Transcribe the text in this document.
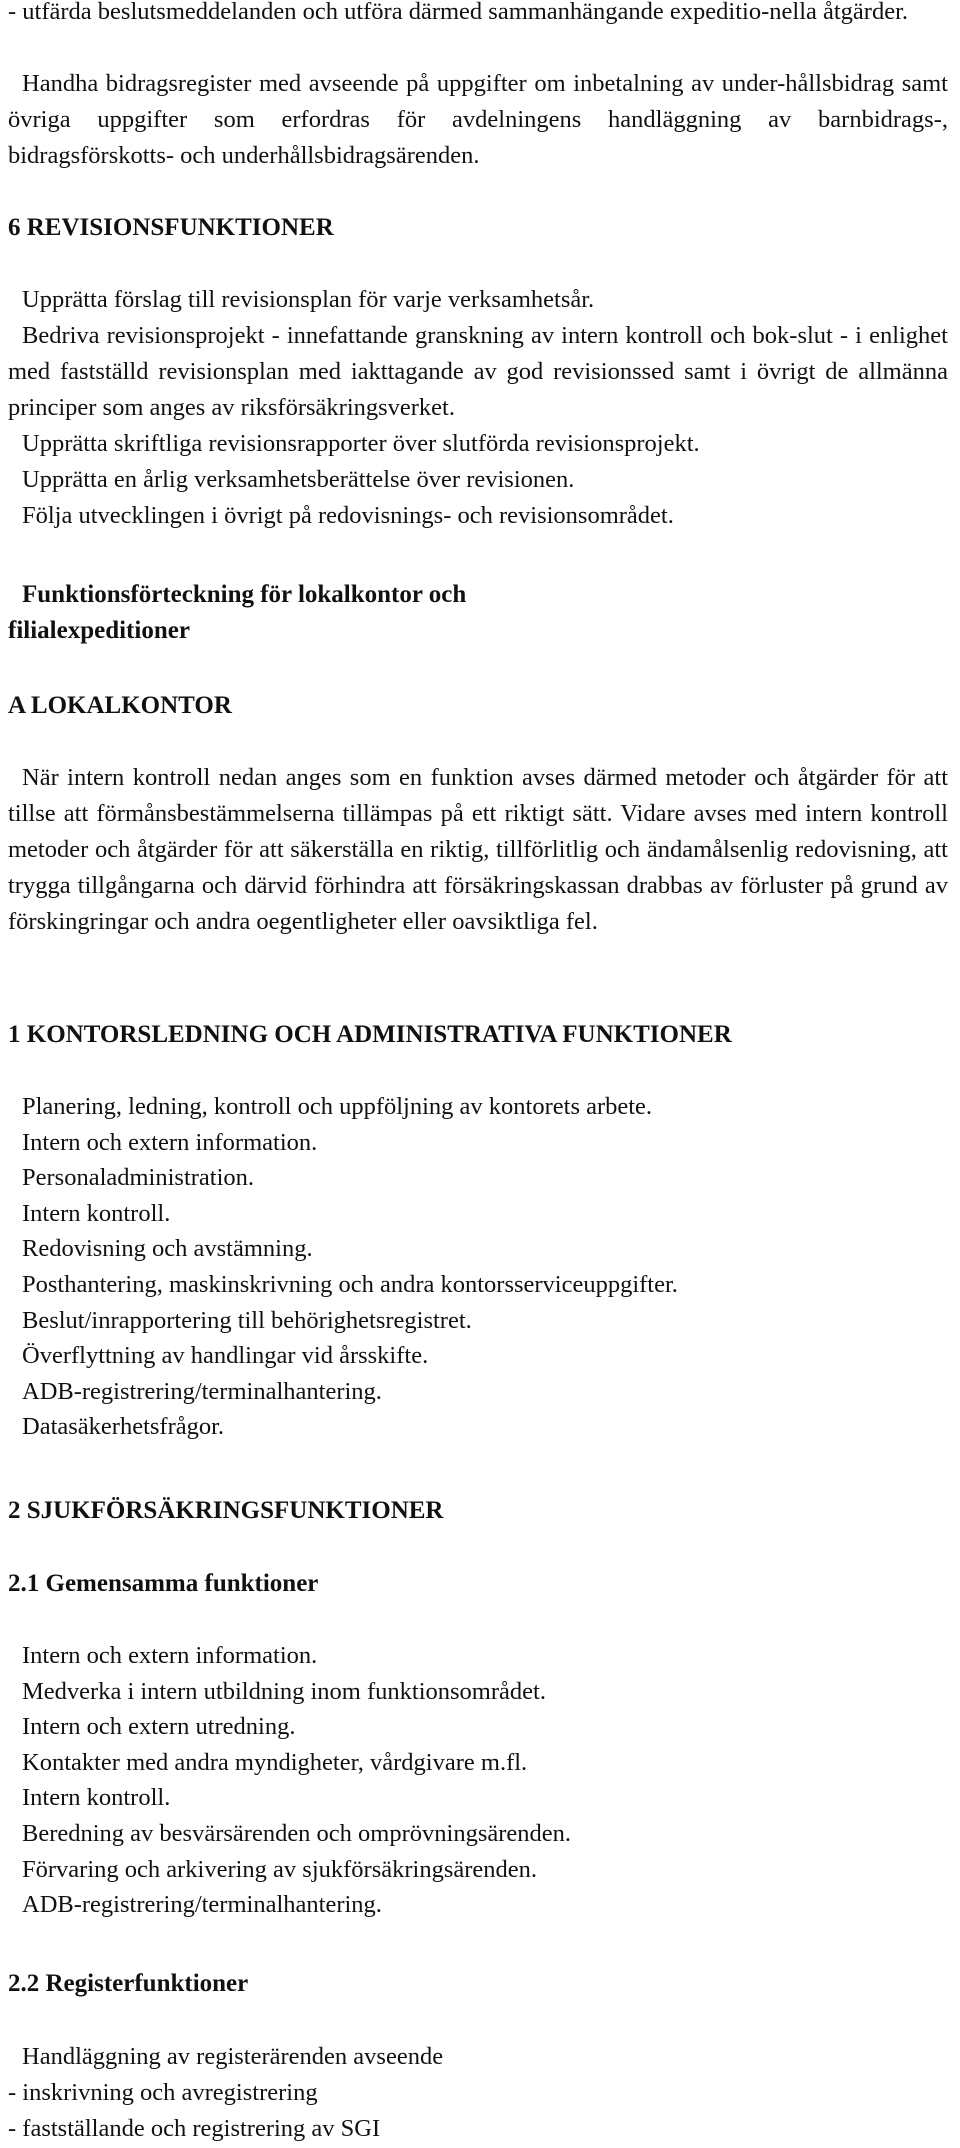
- utfärda beslutsmeddelanden och utföra därmed sammanhängande expeditio-nella åtgärder.

Handha bidragsregister med avseende på uppgifter om inbetalning av under-hållsbidrag samt övriga uppgifter som erfordras för avdelningens handläggning av barnbidrags-, bidragsförskotts- och underhållsbidragsärenden.

6 REVISIONSFUNKTIONER

Upprätta förslag till revisionsplan för varje verksamhetsår.

Bedriva revisionsprojekt - innefattande granskning av intern kontroll och bok-slut - i enlighet med fastställd revisionsplan med iakttagande av god revisionssed samt i övrigt de allmänna principer som anges av riksförsäkringsverket.

Upprätta skriftliga revisionsrapporter över slutförda revisionsprojekt.

Upprätta en årlig verksamhetsberättelse över revisionen.

Följa utvecklingen i övrigt på redovisnings- och revisionsområdet.

Funktionsförteckning för lokalkontor och filialexpeditioner
A LOKALKONTOR

När intern kontroll nedan anges som en funktion avses därmed metoder och åtgärder för att tillse att förmånsbestämmelserna tillämpas på ett riktigt sätt. Vidare avses med intern kontroll metoder och åtgärder för att säkerställa en riktig, tillförlitlig och ändamålsenlig redovisning, att trygga tillgångarna och därvid förhindra att försäkringskassan drabbas av förluster på grund av förskingringar och andra oegentligheter eller oavsiktliga fel.

1 KONTORSLEDNING OCH ADMINISTRATIVA FUNKTIONER
Planering, ledning, kontroll och uppföljning av kontorets arbete.
Intern och extern information.
Personaladministration.
Intern kontroll.
Redovisning och avstämning.
Posthantering, maskinskrivning och andra kontorsserviceuppgifter.
Beslut/inrapportering till behörighetsregistret.
Överflyttning av handlingar vid årsskifte.
ADB-registrering/terminalhantering.
Datasäkerhetsfrågor.
2 SJUKFÖRSÄKRINGSFUNKTIONER
2.1 Gemensamma funktioner
Intern och extern information.
Medverka i intern utbildning inom funktionsområdet.
Intern och extern utredning.
Kontakter med andra myndigheter, vårdgivare m.fl.
Intern kontroll.
Beredning av besvärsärenden och omprövningsärenden.
Förvaring och arkivering av sjukförsäkringsärenden.
ADB-registrering/terminalhantering.
2.2 Registerfunktioner

Handläggning av registerärenden avseende

- inskrivning och avregistrering
- fastställande och registrering av SGI
